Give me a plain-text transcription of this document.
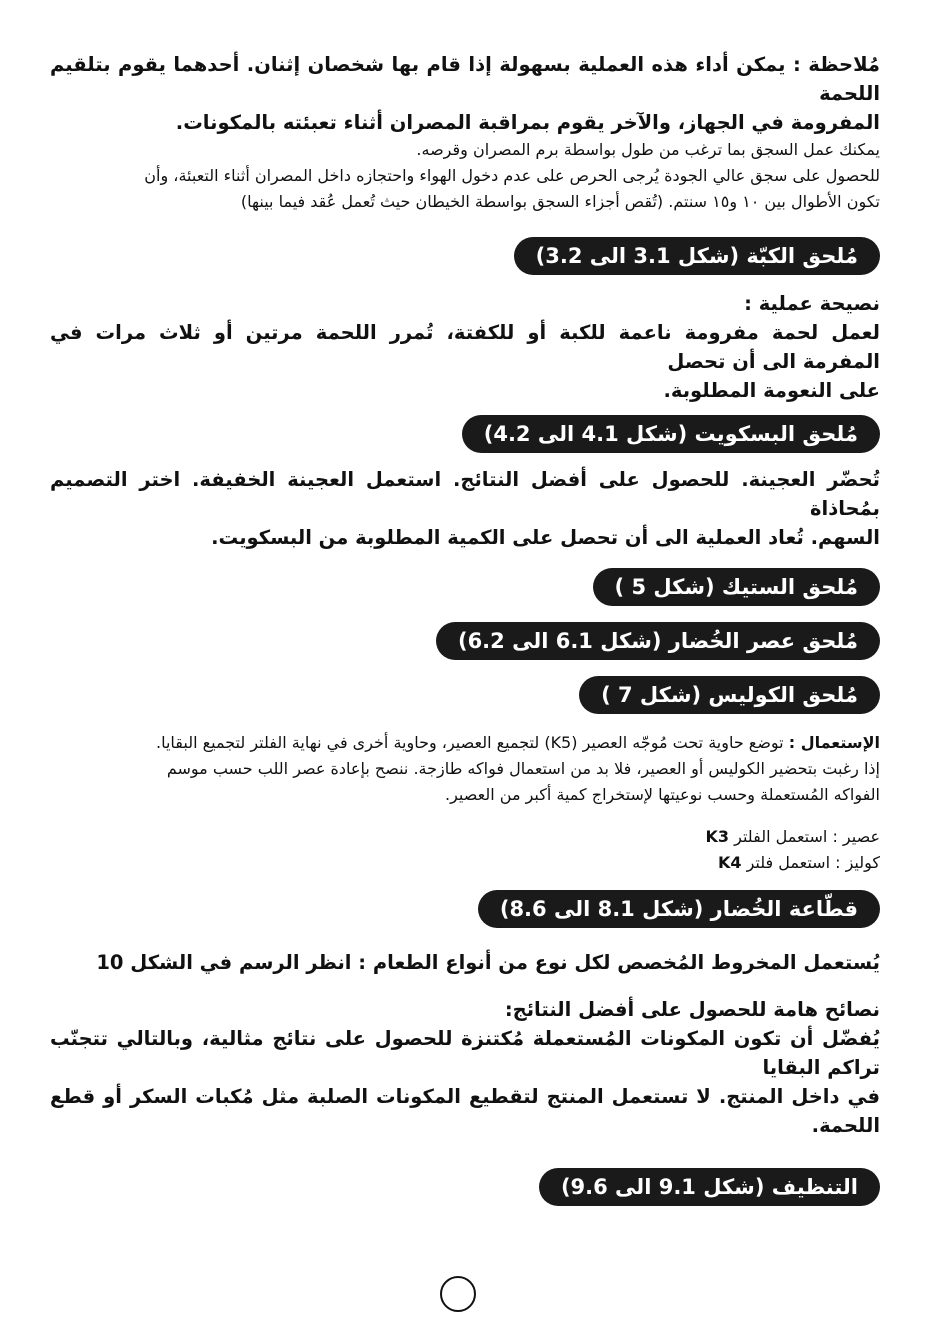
مُلاحظة : يمكن أداء هذه العملية بسهولة إذا قام بها شخصان إثنان. أحدهما يقوم بتلقيم اللحمة
المفرومة في الجهاز، والآخر يقوم بمراقبة المصران أثناء تعبئته بالمكونات.
يمكنك عمل السجق بما ترغب من طول بواسطة برم المصران وقرصه.
للحصول على سجق عالي الجودة يُرجى الحرص على عدم دخول الهواء واحتجازه داخل المصران أثناء التعبئة، وأن
تكون الأطوال بين ١٠ و١٥ سنتم. (تُقص أجزاء السجق بواسطة الخيطان حيث تُعمل عُقد فيما بينها)
مُلحق الكبّة (شكل 3.1 الى 3.2)
نصيحة عملية :
لعمل لحمة مفرومة ناعمة للكبة أو للكفتة، تُمرر اللحمة مرتين أو ثلاث مرات في المفرمة الى أن تحصل
على النعومة المطلوبة.
مُلحق البسكويت (شكل 4.1 الى 4.2)
تُحضّر العجينة. للحصول على أفضل النتائج. استعمل العجينة الخفيفة. اختر التصميم بمُحاذاة
السهم. تُعاد العملية الى أن تحصل على الكمية المطلوبة من البسكويت.
مُلحق الستيك (شكل 5 )
مُلحق عصر الخُضار (شكل 6.1 الى 6.2)
مُلحق الكوليس (شكل 7 )
الإستعمال : توضع حاوية تحت مُوجّه العصير (K5) لتجميع العصير، وحاوية أخرى في نهاية الفلتر لتجميع البقايا.
إذا رغبت بتحضير الكوليس أو العصير، فلا بد من استعمال فواكه طازجة. ننصح بإعادة عصر اللب حسب موسم
الفواكه المُستعملة وحسب نوعيتها لإستخراج كمية أكبر من العصير.
عصير : استعمل الفلتر K3
كوليز : استعمل فلتر K4
قطّاعة الخُضار (شكل 8.1 الى 8.6)
يُستعمل المخروط المُخصص لكل نوع من أنواع الطعام : انظر الرسم في الشكل 10
نصائح هامة للحصول على أفضل النتائج:
يُفضّل أن تكون المكونات المُستعملة مُكتنزة للحصول على نتائج مثالية، وبالتالي تتجنّب تراكم البقايا
في داخل المنتج. لا تستعمل المنتج لتقطيع المكونات الصلبة مثل مُكبات السكر أو قطع اللحمة.
التنظيف (شكل 9.1 الى 9.6)
